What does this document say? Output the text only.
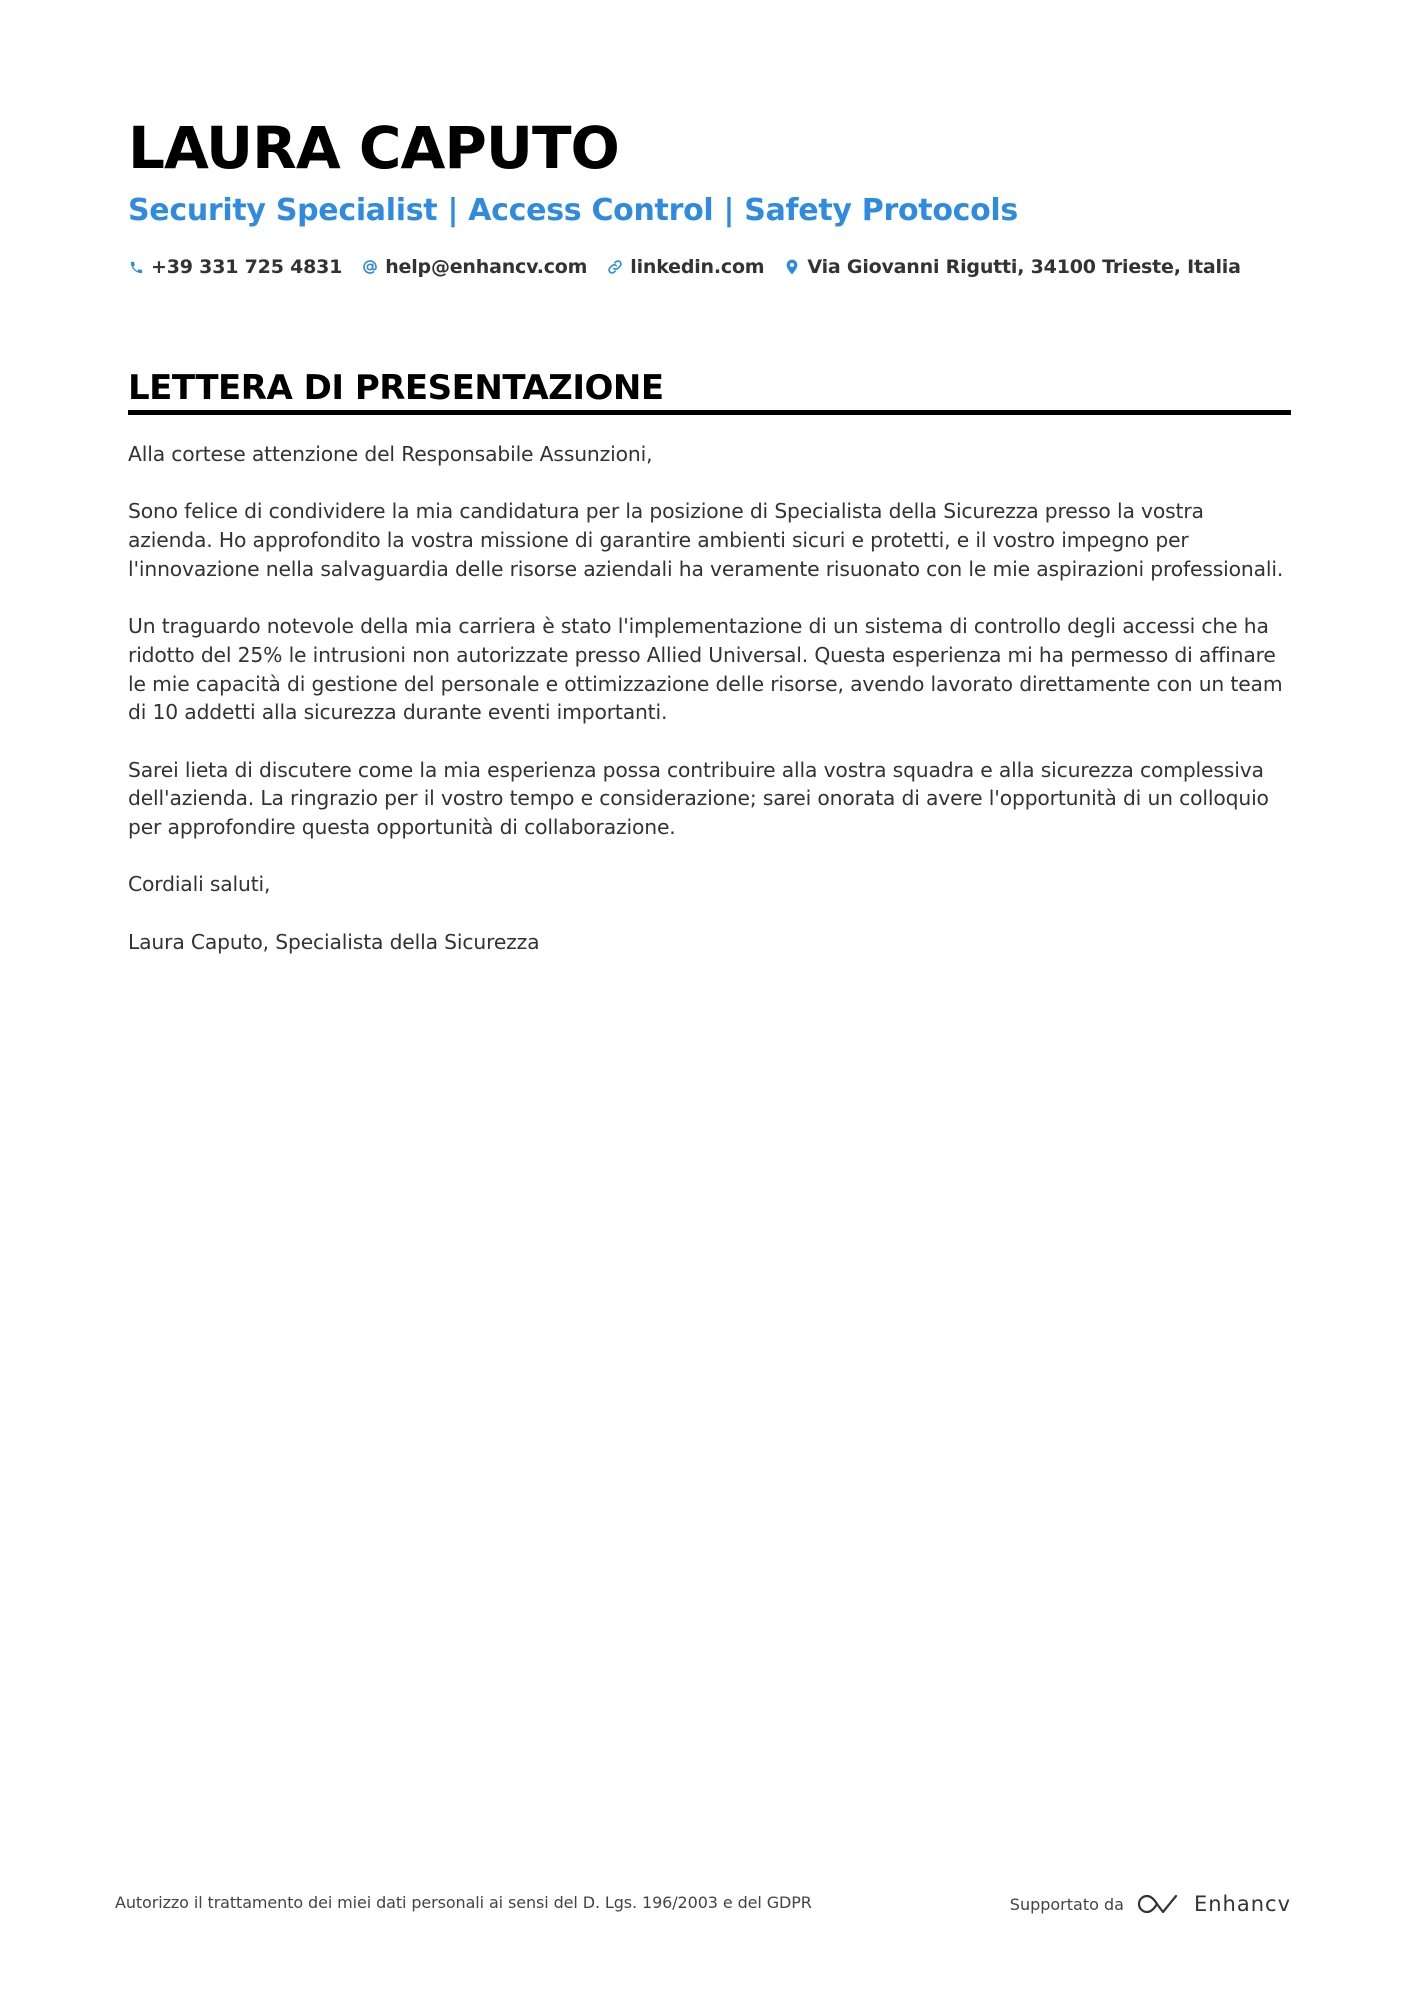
LAURA CAPUTO
Security Specialist | Access Control | Safety Protocols
+39 331 725 4831 help@enhancv.com linkedin.com Via Giovanni Rigutti, 34100 Trieste, Italia
LETTERA DI PRESENTAZIONE

Alla cortese attenzione del Responsabile Assunzioni,

Sono felice di condividere la mia candidatura per la posizione di Specialista della Sicurezza presso la vostra azienda. Ho approfondito la vostra missione di garantire ambienti sicuri e protetti, e il vostro impegno per l'innovazione nella salvaguardia delle risorse aziendali ha veramente risuonato con le mie aspirazioni professionali.

Un traguardo notevole della mia carriera è stato l'implementazione di un sistema di controllo degli accessi che ha ridotto del 25% le intrusioni non autorizzate presso Allied Universal. Questa esperienza mi ha permesso di affinare le mie capacità di gestione del personale e ottimizzazione delle risorse, avendo lavorato direttamente con un team di 10 addetti alla sicurezza durante eventi importanti.

Sarei lieta di discutere come la mia esperienza possa contribuire alla vostra squadra e alla sicurezza complessiva dell'azienda. La ringrazio per il vostro tempo e considerazione; sarei onorata di avere l'opportunità di un colloquio per approfondire questa opportunità di collaborazione.

Cordiali saluti,

Laura Caputo, Specialista della Sicurezza

Autorizzo il trattamento dei miei dati personali ai sensi del D. Lgs. 196/2003 e del GDPR	Supportato da	Enhancv
